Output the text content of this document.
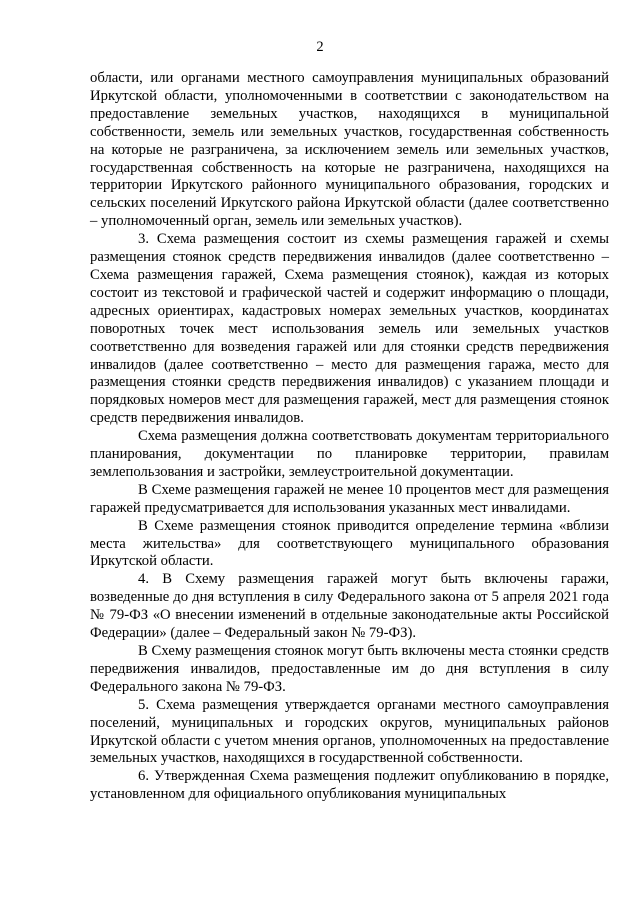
2

области, или органами местного самоуправления муниципальных образований Иркутской области, уполномоченными в соответствии с законодательством на предоставление земельных участков, находящихся в муниципальной собственности, земель или земельных участков, государственная собственность на которые не разграничена, за исключением земель или земельных участков, государственная собственность на которые не разграничена, находящихся на территории Иркутского районного муниципального образования, городских и сельских поселений Иркутского района Иркутской области (далее соответственно – уполномоченный орган, земель или земельных участков).

3. Схема размещения состоит из схемы размещения гаражей и схемы размещения стоянок средств передвижения инвалидов (далее соответственно – Схема размещения гаражей, Схема размещения стоянок), каждая из которых состоит из текстовой и графической частей и содержит информацию о площади, адресных ориентирах, кадастровых номерах земельных участков, координатах поворотных точек мест использования земель или земельных участков соответственно для возведения гаражей или для стоянки средств передвижения инвалидов (далее соответственно – место для размещения гаража, место для размещения стоянки средств передвижения инвалидов) с указанием площади и порядковых номеров мест для размещения гаражей, мест для размещения стоянок средств передвижения инвалидов.

Схема размещения должна соответствовать документам территориального планирования, документации по планировке территории, правилам землепользования и застройки, землеустроительной документации.

В Схеме размещения гаражей не менее 10 процентов мест для размещения гаражей предусматривается для использования указанных мест инвалидами.

В Схеме размещения стоянок приводится определение термина «вблизи места жительства» для соответствующего муниципального образования Иркутской области.

4. В Схему размещения гаражей могут быть включены гаражи, возведенные до дня вступления в силу Федерального закона от 5 апреля 2021 года № 79-ФЗ «О внесении изменений в отдельные законодательные акты Российской Федерации» (далее – Федеральный закон № 79-ФЗ).

В Схему размещения стоянок могут быть включены места стоянки средств передвижения инвалидов, предоставленные им до дня вступления в силу Федерального закона № 79-ФЗ.

5. Схема размещения утверждается органами местного самоуправления поселений, муниципальных и городских округов, муниципальных районов Иркутской области с учетом мнения органов, уполномоченных на предоставление земельных участков, находящихся в государственной собственности.

6. Утвержденная Схема размещения подлежит опубликованию в порядке, установленном для официального опубликования муниципальных
